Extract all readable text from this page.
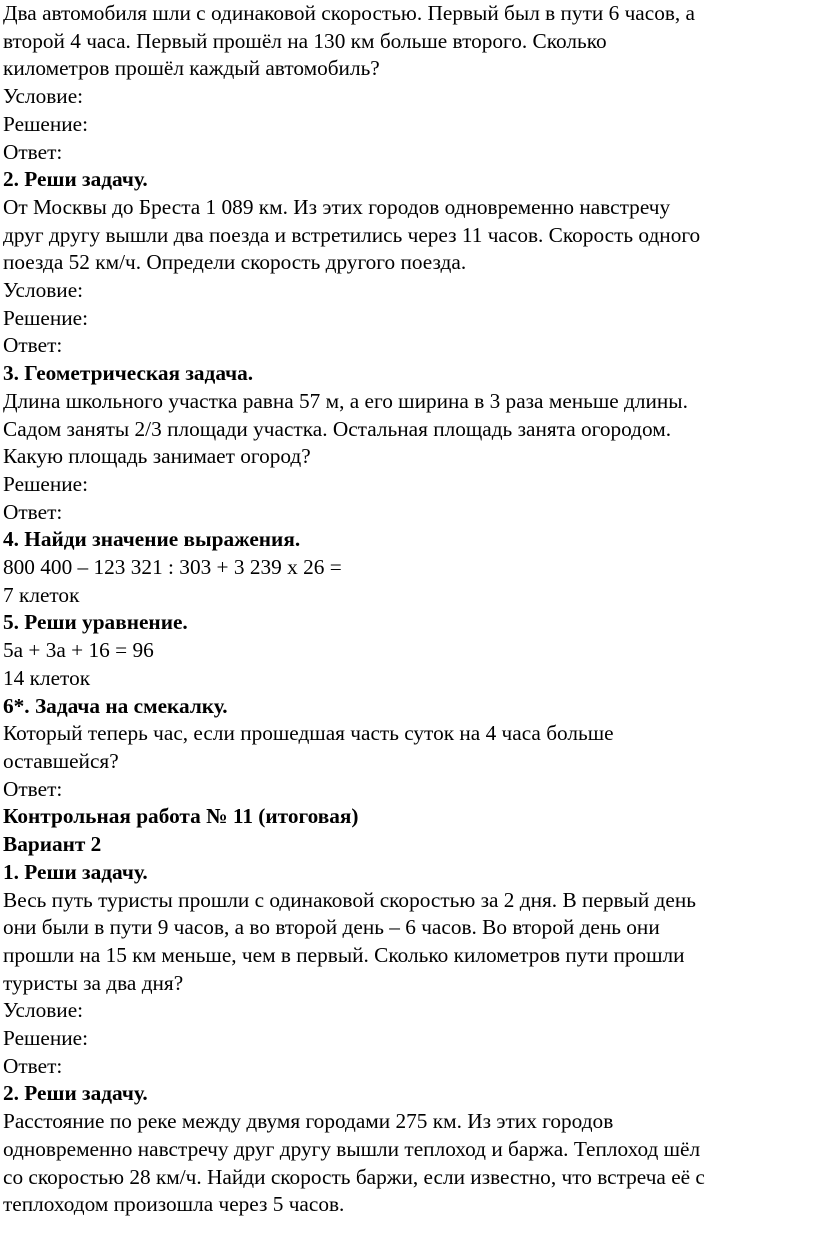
Два автомобиля шли с одинаковой скоростью. Первый был в пути 6 часов, а
второй 4 часа. Первый прошёл на 130 км больше второго. Сколько
километров прошёл каждый автомобиль?
Условие:
Решение:
Ответ:
2. Реши задачу.
От Москвы до Бреста 1 089 км. Из этих городов одновременно навстречу
друг другу вышли два поезда и встретились через 11 часов. Скорость одного
поезда 52 км/ч. Определи скорость другого поезда.
Условие:
Решение:
Ответ:
3. Геометрическая задача.
Длина школьного участка равна 57 м, а его ширина в 3 раза меньше длины.
Садом заняты 2/3 площади участка. Остальная площадь занята огородом.
Какую площадь занимает огород?
Решение:
Ответ:
4. Найди значение выражения.
800 400 – 123 321 : 303 + 3 239 х 26 =
7 клеток
5. Реши уравнение.
5а + 3а + 16 = 96
14 клеток
6*. Задача на смекалку.
Который теперь час, если прошедшая часть суток на 4 часа больше
оставшейся?
Ответ:
Контрольная работа № 11 (итоговая)
Вариант 2
1. Реши задачу.
Весь путь туристы прошли с одинаковой скоростью за 2 дня. В первый день
они были в пути 9 часов, а во второй день – 6 часов. Во второй день они
прошли на 15 км меньше, чем в первый. Сколько километров пути прошли
туристы за два дня?
Условие:
Решение:
Ответ:
2. Реши задачу.
Расстояние по реке между двумя городами 275 км. Из этих городов
одновременно навстречу друг другу вышли теплоход и баржа. Теплоход шёл
со скоростью 28 км/ч. Найди скорость баржи, если известно, что встреча её с
теплоходом произошла через 5 часов.
